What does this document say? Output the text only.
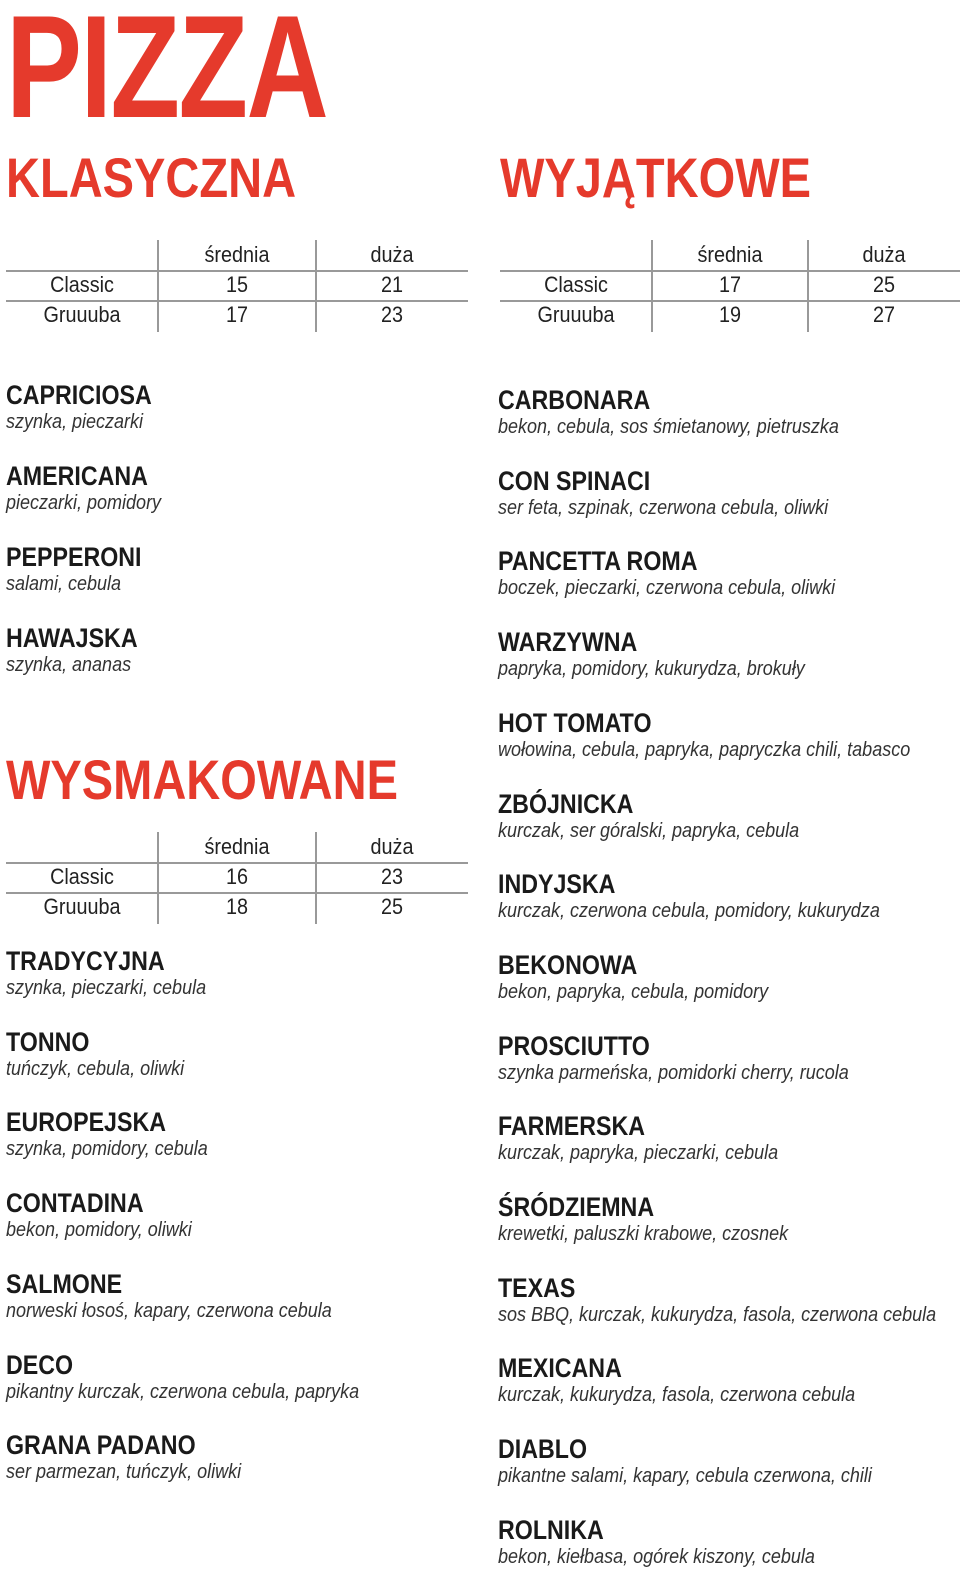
PIZZA
KLASYCZNA	WYJĄTKOWE
WYSMAKOWANE
średnia	duża
Classic	15	21
Gruuuba	17	23
średnia	duża
Classic	17	25
Gruuuba	19	27
średnia	duża
Classic	16	23
Gruuuba	18	25
CAPRICIOSA
szynka, pieczarki
AMERICANA
pieczarki, pomidory
PEPPERONI
salami, cebula
HAWAJSKA
szynka, ananas
TRADYCYJNA
szynka, pieczarki, cebula
TONNO
tuńczyk, cebula, oliwki
EUROPEJSKA
szynka, pomidory, cebula
CONTADINA
bekon, pomidory, oliwki
SALMONE
norweski łosoś, kapary, czerwona cebula
DECO
pikantny kurczak, czerwona cebula, papryka
GRANA PADANO
ser parmezan, tuńczyk, oliwki
CARBONARA
bekon, cebula, sos śmietanowy, pietruszka
CON SPINACI
ser feta, szpinak, czerwona cebula, oliwki
PANCETTA ROMA
boczek, pieczarki, czerwona cebula, oliwki
WARZYWNA
papryka, pomidory, kukurydza, brokuły
HOT TOMATO
wołowina, cebula, papryka, papryczka chili, tabasco
ZBÓJNICKA
kurczak, ser góralski, papryka, cebula
INDYJSKA
kurczak, czerwona cebula, pomidory, kukurydza
BEKONOWA
bekon, papryka, cebula, pomidory
PROSCIUTTO
szynka parmeńska, pomidorki cherry, rucola
FARMERSKA
kurczak, papryka, pieczarki, cebula
ŚRÓDZIEMNA
krewetki, paluszki krabowe, czosnek
TEXAS
sos BBQ, kurczak, kukurydza, fasola, czerwona cebula
MEXICANA
kurczak, kukurydza, fasola, czerwona cebula
DIABLO
pikantne salami, kapary, cebula czerwona, chili
ROLNIKA
bekon, kiełbasa, ogórek kiszony, cebula
